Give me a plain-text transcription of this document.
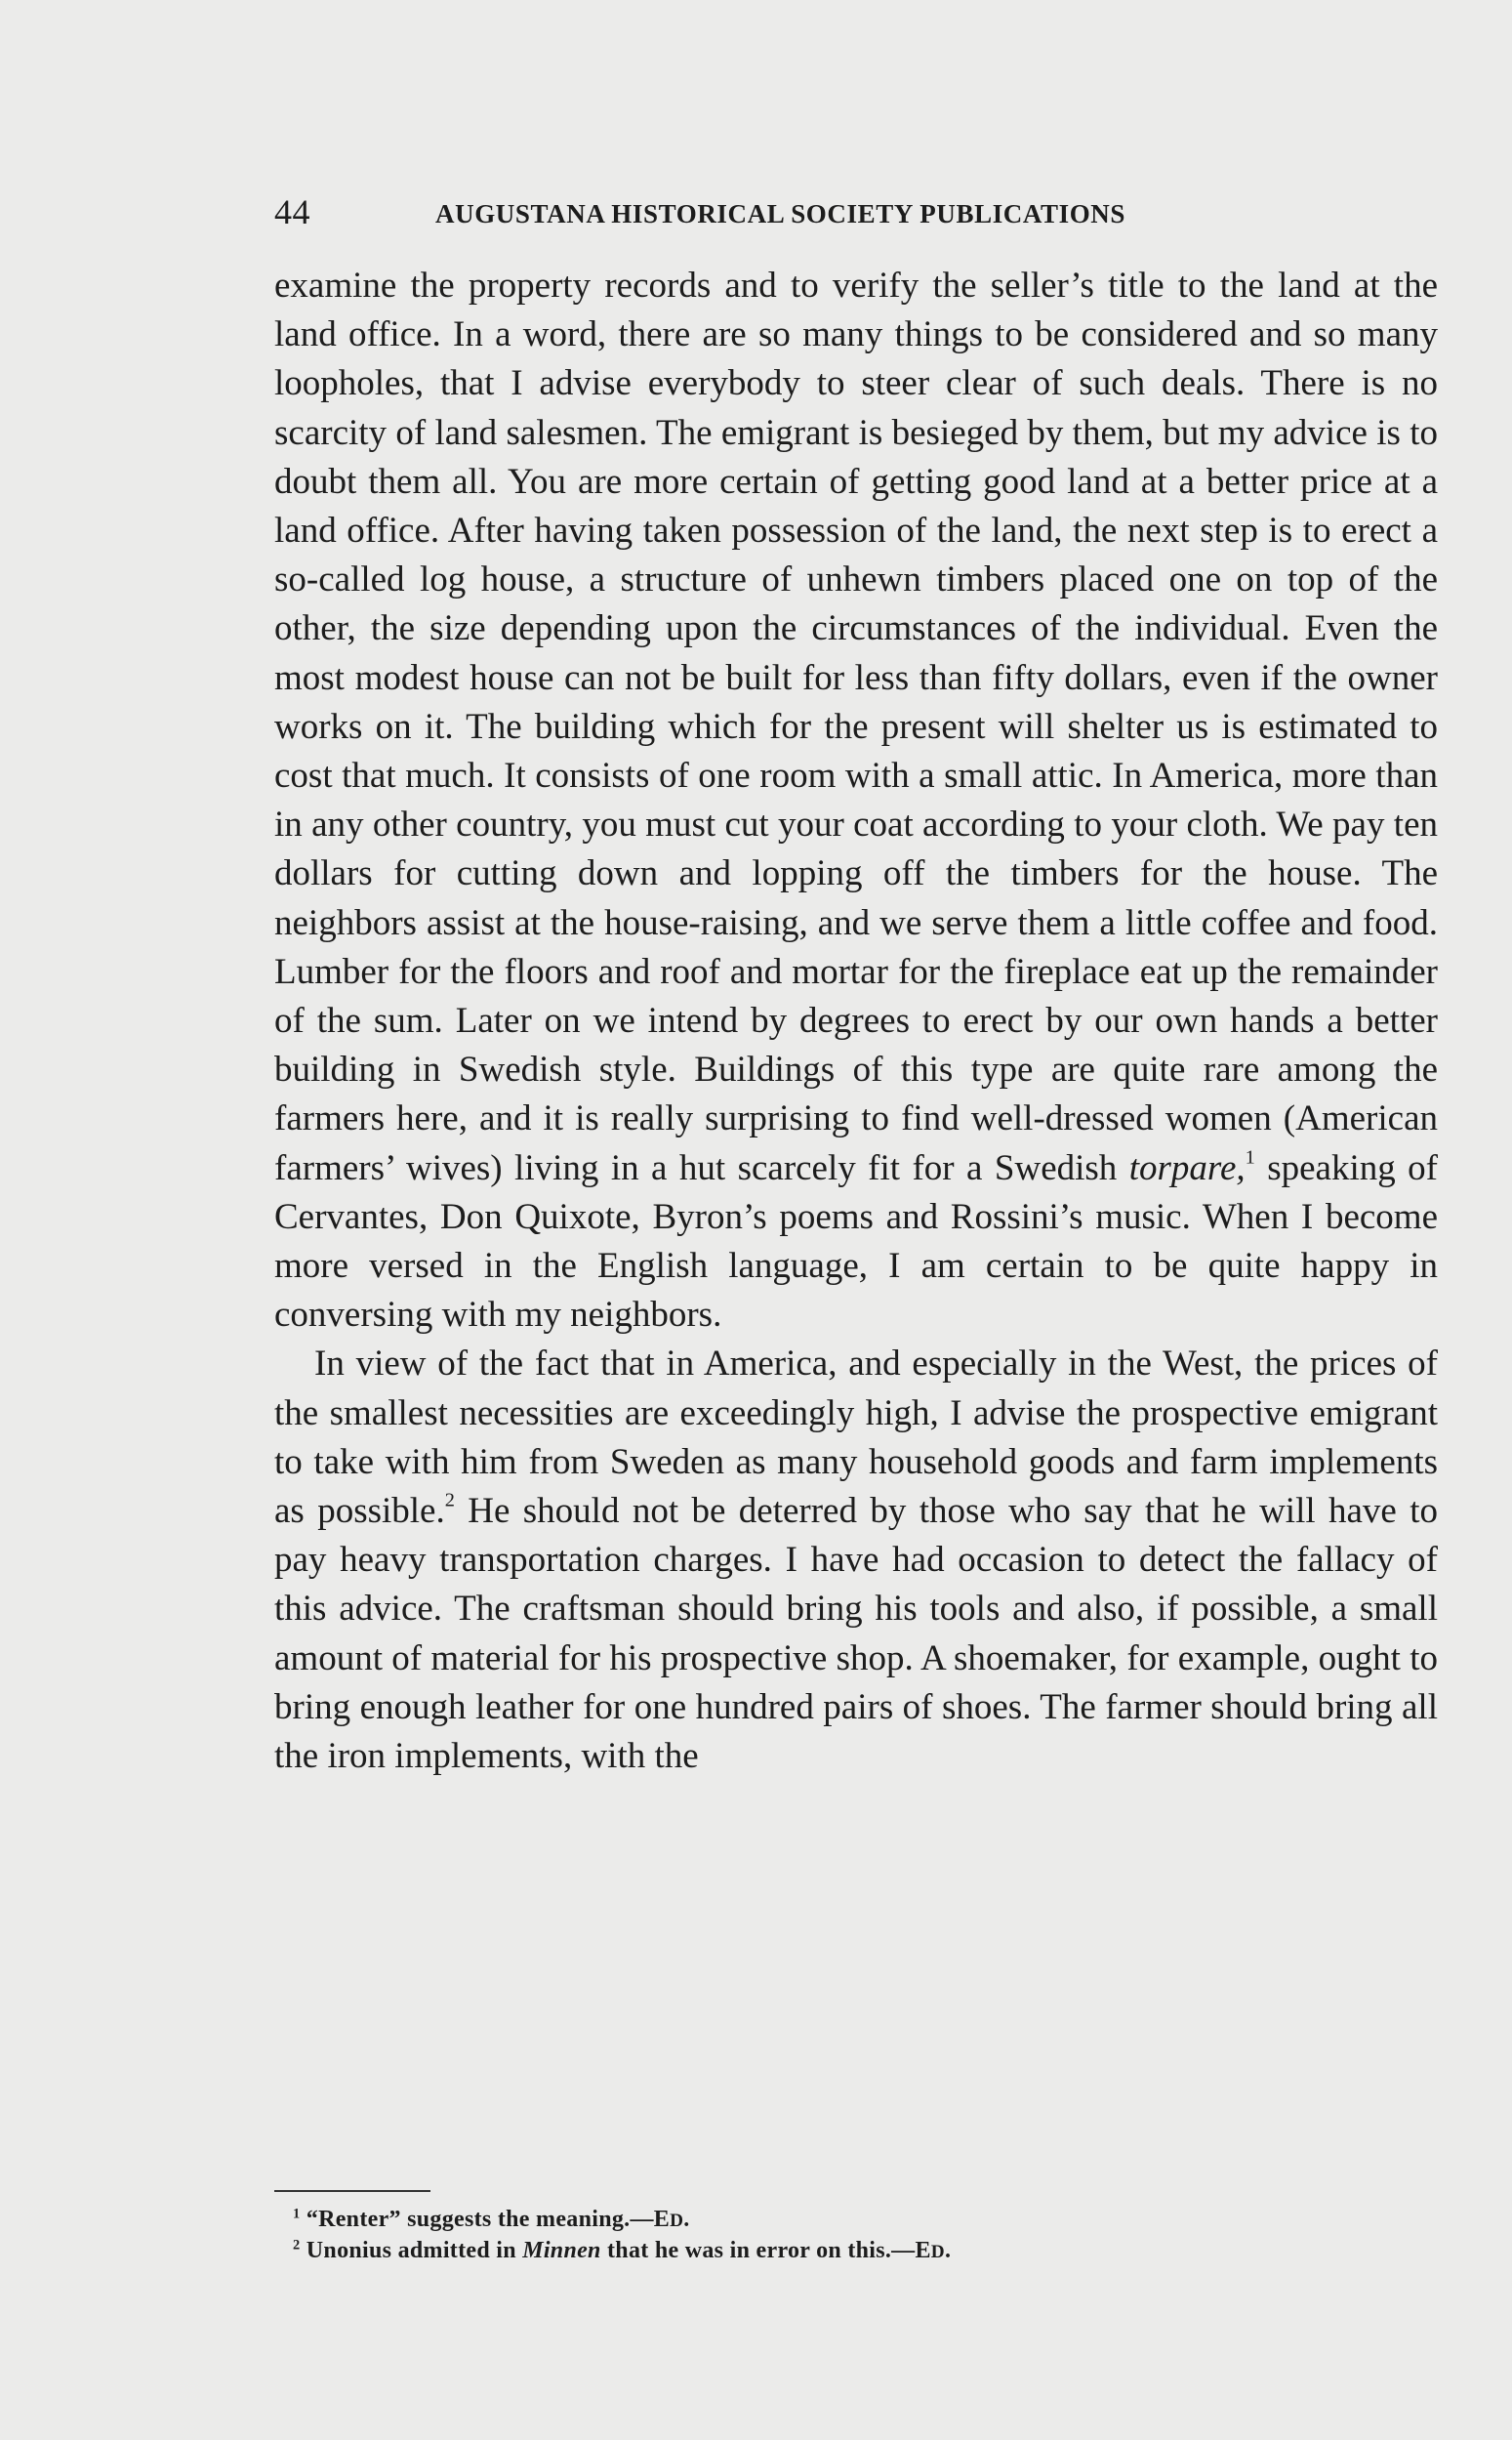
44	AUGUSTANA HISTORICAL SOCIETY PUBLICATIONS

examine the property records and to verify the seller’s title to the land at the land office. In a word, there are so many things to be considered and so many loopholes, that I advise everybody to steer clear of such deals. There is no scarcity of land salesmen. The emigrant is besieged by them, but my advice is to doubt them all. You are more certain of getting good land at a better price at a land office. After having taken possession of the land, the next step is to erect a so-called log house, a structure of unhewn timbers placed one on top of the other, the size depending upon the circumstances of the individual. Even the most modest house can not be built for less than fifty dollars, even if the owner works on it. The building which for the present will shelter us is estimated to cost that much. It consists of one room with a small attic. In America, more than in any other country, you must cut your coat according to your cloth. We pay ten dollars for cutting down and lopping off the timbers for the house. The neighbors assist at the house-raising, and we serve them a little coffee and food. Lumber for the floors and roof and mortar for the fireplace eat up the remainder of the sum. Later on we intend by degrees to erect by our own hands a better building in Swedish style. Buildings of this type are quite rare among the farmers here, and it is really surprising to find well-dressed women (American farmers’ wives) living in a hut scarcely fit for a Swedish torpare,$^1$ speaking of Cervantes, Don Quixote, Byron’s poems and Rossini’s music. When I become more versed in the English language, I am certain to be quite happy in conversing with my neighbors.

In view of the fact that in America, and especially in the West, the prices of the smallest necessities are exceedingly high, I advise the prospective emigrant to take with him from Sweden as many household goods and farm implements as possible.$^2$ He should not be deterred by those who say that he will have to pay heavy transportation charges. I have had occasion to detect the fallacy of this advice. The craftsman should bring his tools and also, if possible, a small amount of material for his prospective shop. A shoemaker, for example, ought to bring enough leather for one hundred pairs of shoes. The farmer should bring all the iron implements, with the

$^1$ “Renter” suggests the meaning.—ED.
$^2$ Unonius admitted in Minnen that he was in error on this.—ED.
